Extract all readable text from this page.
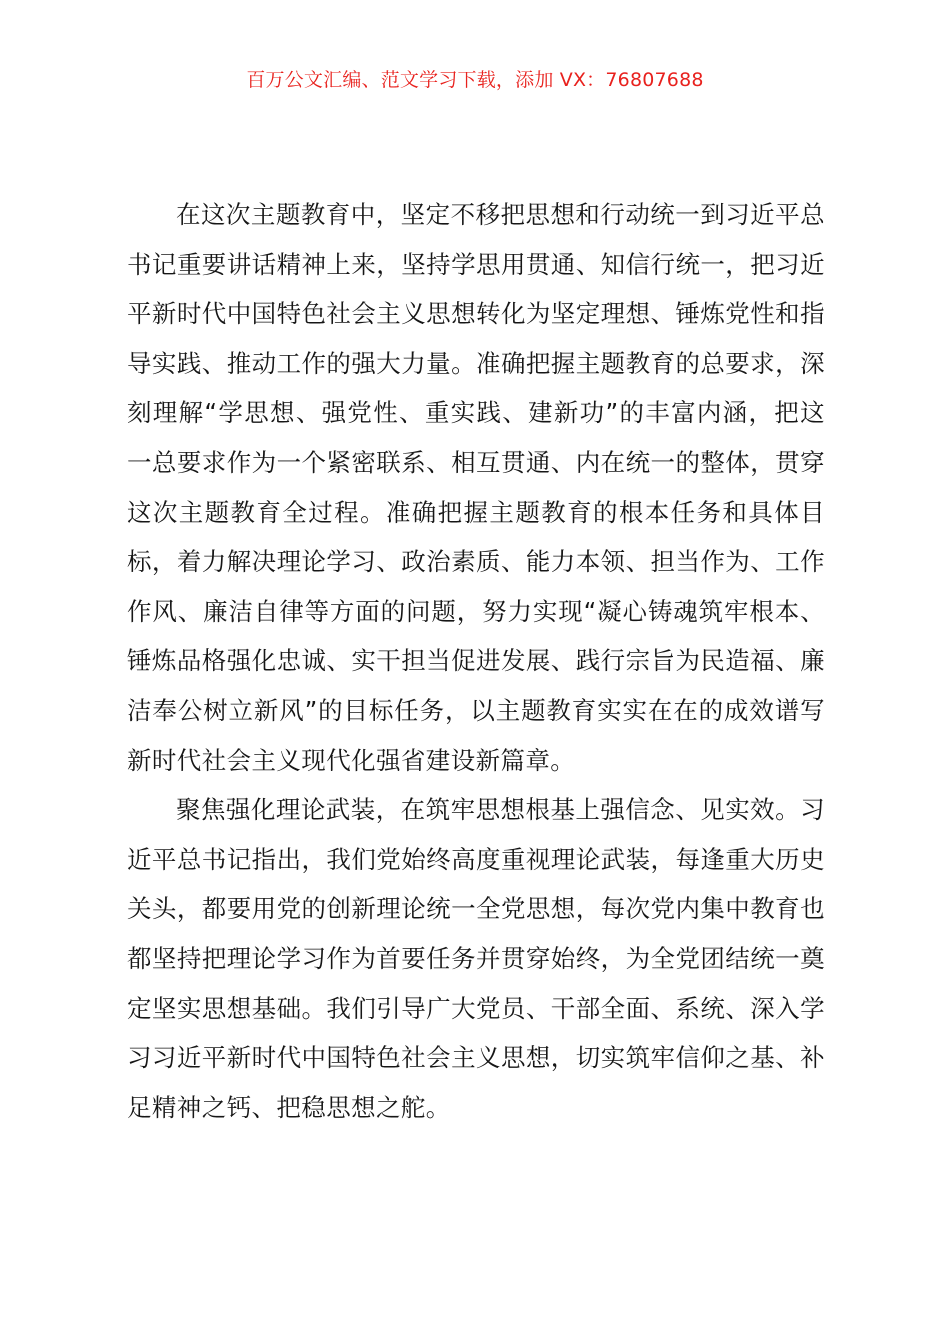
百万公文汇编、范文学习下载，添加 VX：76807688

在这次主题教育中，坚定不移把思想和行动统一到习近平总书记重要讲话精神上来，坚持学思用贯通、知信行统一，把习近平新时代中国特色社会主义思想转化为坚定理想、锤炼党性和指导实践、推动工作的强大力量。准确把握主题教育的总要求，深刻理解“学思想、强党性、重实践、建新功”的丰富内涵，把这一总要求作为一个紧密联系、相互贯通、内在统一的整体，贯穿这次主题教育全过程。准确把握主题教育的根本任务和具体目标，着力解决理论学习、政治素质、能力本领、担当作为、工作作风、廉洁自律等方面的问题，努力实现“凝心铸魂筑牢根本、锤炼品格强化忠诚、实干担当促进发展、践行宗旨为民造福、廉洁奉公树立新风”的目标任务，以主题教育实实在在的成效谱写新时代社会主义现代化强省建设新篇章。

聚焦强化理论武装，在筑牢思想根基上强信念、见实效。习近平总书记指出，我们党始终高度重视理论武装，每逢重大历史关头，都要用党的创新理论统一全党思想，每次党内集中教育也都坚持把理论学习作为首要任务并贯穿始终，为全党团结统一奠定坚实思想基础。我们引导广大党员、干部全面、系统、深入学习习近平新时代中国特色社会主义思想，切实筑牢信仰之基、补足精神之钙、把稳思想之舵。
